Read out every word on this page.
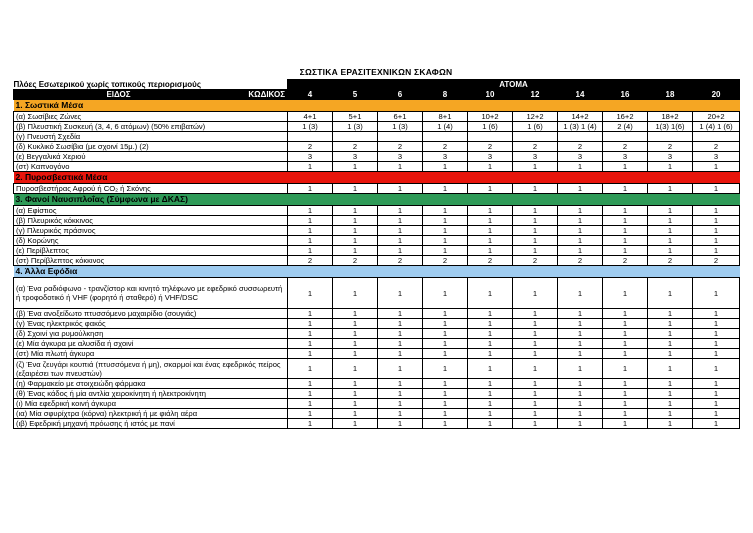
ΣΩΣΤΙΚΑ ΕΡΑΣΙΤΕΧΝΙΚΩΝ ΣΚΑΦΩΝ
Πλόες Εσωτερικού χωρίς τοπικούς περιορισμούς		ΑΤΟΜΑ									
ΕΙΔΟΣ	ΚΩΔΙΚΟΣ	4	5	6	8	10	12	14	16	18	20
1. Σωστικά Μέσα											
(α) Σωσίβιες Ζώνες		4+1	5+1	6+1	8+1	10+2	12+2	14+2	16+2	18+2	20+2
(β) Πλευστική Συσκευή (3, 4, 6 ατόμων) (50% επιβατών)		1 (3)	1 (3)	1 (3)	1 (4)	1 (6)	1 (6)	1 (3) 1 (4)	2 (4)	1(3) 1(6)	1 (4) 1 (6)
(γ) Πνευστή Σχεδία											
(δ) Κυκλικό Σωσίβια (με σχοινί 15μ.) (2)		2	2	2	2	2	2	2	2	2	2
(ε) Βεγγαλικά Χεριού		3	3	3	3	3	3	3	3	3	3
(στ) Καπνογόνο		1	1	1	1	1	1	1	1	1	1
2. Πυροσβεστικά Μέσα											
Πυροσβεστήρας Αφρού ή CO₂ ή Σκόνης		1	1	1	1	1	1	1	1	1	1
3. Φανοί Ναυσιπλοΐας (Σύμφωνα με ΔΚΑΣ)											
(α) Εφίστιος		1	1	1	1	1	1	1	1	1	1
(β) Πλευρικός κόκκινος		1	1	1	1	1	1	1	1	1	1
(γ) Πλευρικός πράσινος		1	1	1	1	1	1	1	1	1	1
(δ) Κορώνης		1	1	1	1	1	1	1	1	1	1
(ε) Περίβλεπτος		1	1	1	1	1	1	1	1	1	1
(στ) Περίβλεπτος κόκκινος		2	2	2	2	2	2	2	2	2	2
4. Άλλα Εφόδια											
(α) Ένα ραδιόφωνο - τρανζίστορ και κινητό τηλέφωνο με εφεδρικό συσσωρευτή ή τροφοδοτικό ή VHF (φορητό ή σταθερό) ή VHF/DSC		1	1	1	1	1	1	1	1	1	1
(β) Ένα ανοξείδωτο πτυσσόμενο μαχαιρίδιο (σουγιάς)		1	1	1	1	1	1	1	1	1	1
(γ) Ένας ηλεκτρικός φακός		1	1	1	1	1	1	1	1	1	1
(δ) Σχοινί για ρυμούλκηση		1	1	1	1	1	1	1	1	1	1
(ε) Μία άγκυρα με αλυσίδα ή σχοινί		1	1	1	1	1	1	1	1	1	1
(στ) Μία πλωτή άγκυρα		1	1	1	1	1	1	1	1	1	1
(ζ) Ένα ζευγάρι κουπιά (πτυσσόμενα ή μη), σκαρμοί και ένας εφεδρικός πείρος (εξαιρέσει των πνευστών)		1	1	1	1	1	1	1	1	1	1
(η) Φαρμακείο με στοιχειώδη φάρμακα		1	1	1	1	1	1	1	1	1	1
(θ) Ένας κάδος ή μία αντλία χειροκίνητη ή ηλεκτροκίνητη		1	1	1	1	1	1	1	1	1	1
(ι) Μία εφεδρική κοινή άγκυρα		1	1	1	1	1	1	1	1	1	1
(ια) Μία σφυρίχτρα (κόρνα) ηλεκτρική ή με φιάλη αέρα		1	1	1	1	1	1	1	1	1	1
(ιβ) Εφεδρική μηχανή πρόωσης ή ιστός με πανί		1	1	1	1	1	1	1	1	1	1
